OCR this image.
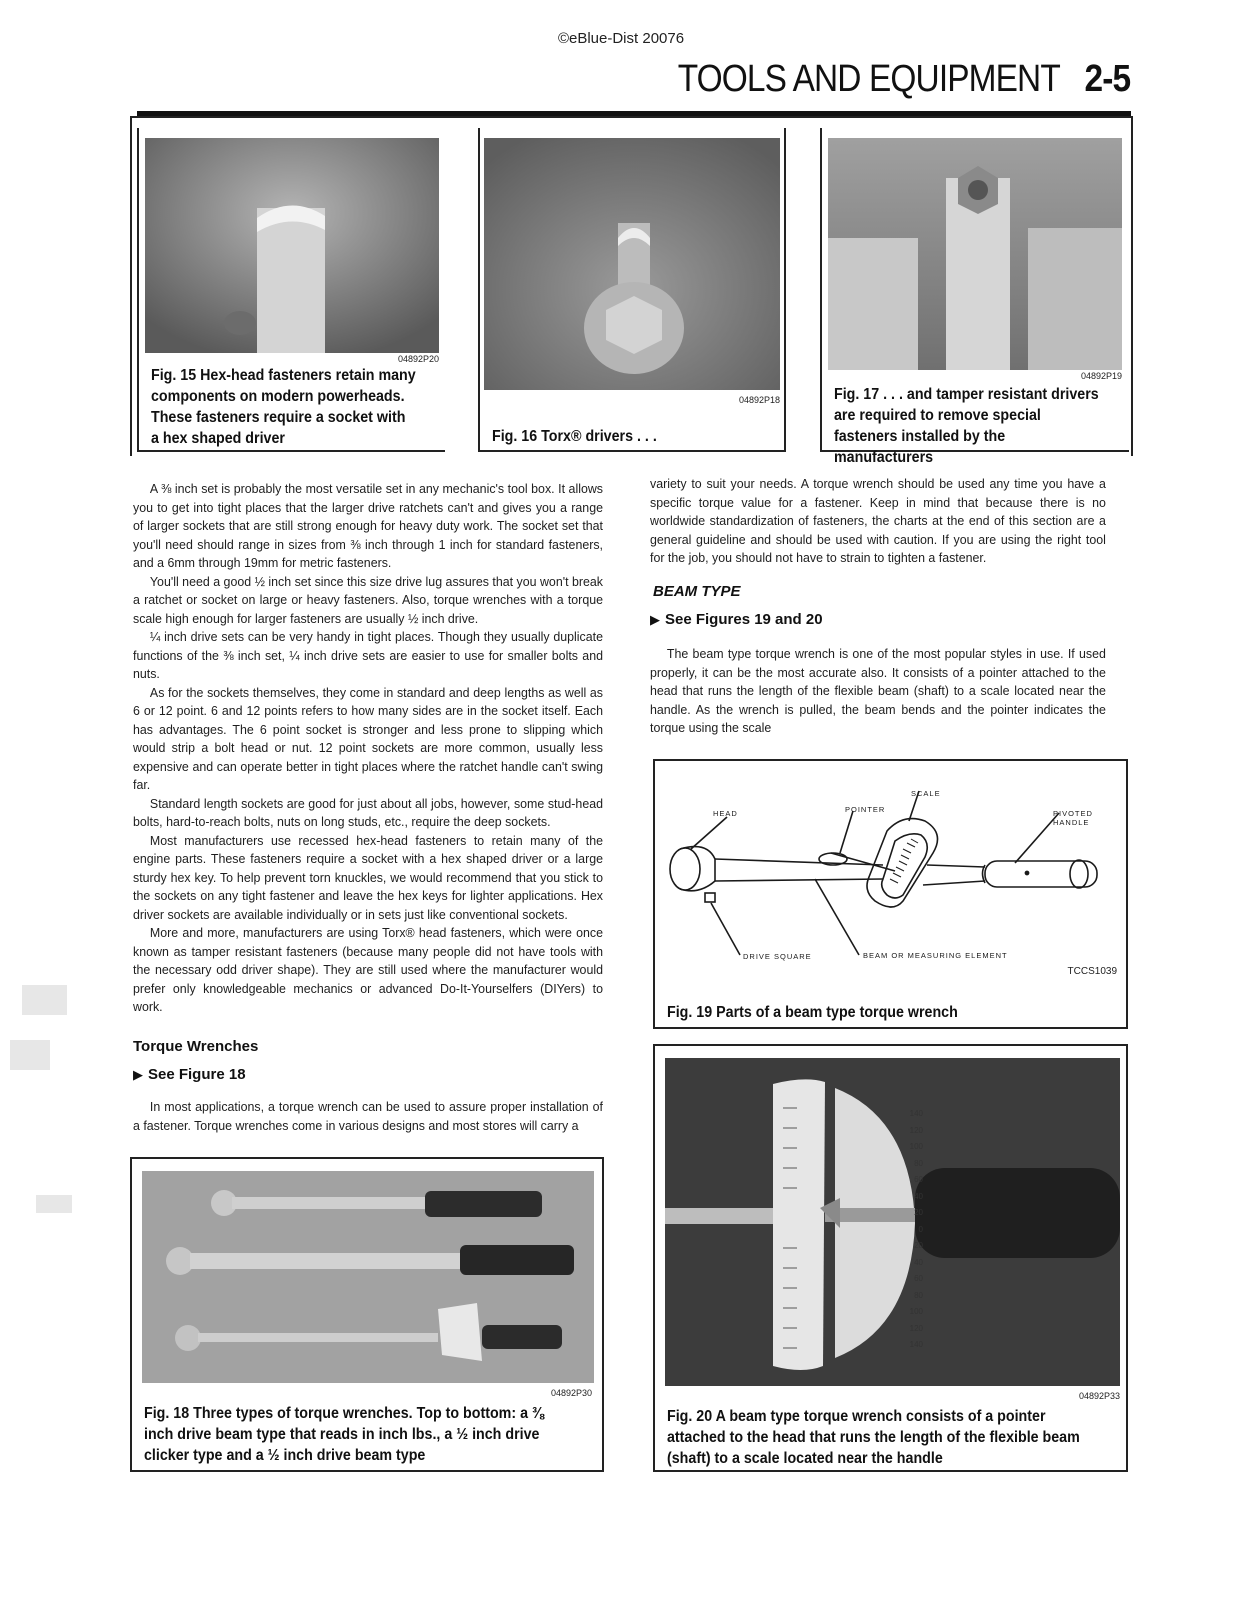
©eBlue-Dist 20076
TOOLS AND EQUIPMENT 2-5
04892P20
Fig. 15 Hex-head fasteners retain many components on modern powerheads. These fasteners require a socket with a hex shaped driver
04892P18
Fig. 16 Torx® drivers . . .
04892P19
Fig. 17 . . . and tamper resistant drivers are required to remove special fasteners installed by the manufacturers

A ⅜ inch set is probably the most versatile set in any mechanic's tool box. It allows you to get into tight places that the larger drive ratchets can't and gives you a range of larger sockets that are still strong enough for heavy duty work. The socket set that you'll need should range in sizes from ⅜ inch through 1 inch for standard fasteners, and a 6mm through 19mm for metric fasteners.

You'll need a good ½ inch set since this size drive lug assures that you won't break a ratchet or socket on large or heavy fasteners. Also, torque wrenches with a torque scale high enough for larger fasteners are usually ½ inch drive.

¼ inch drive sets can be very handy in tight places. Though they usually duplicate functions of the ⅜ inch set, ¼ inch drive sets are easier to use for smaller bolts and nuts.

As for the sockets themselves, they come in standard and deep lengths as well as 6 or 12 point. 6 and 12 points refers to how many sides are in the socket itself. Each has advantages. The 6 point socket is stronger and less prone to slipping which would strip a bolt head or nut. 12 point sockets are more common, usually less expensive and can operate better in tight places where the ratchet handle can't swing far.

Standard length sockets are good for just about all jobs, however, some stud-head bolts, hard-to-reach bolts, nuts on long studs, etc., require the deep sockets.

Most manufacturers use recessed hex-head fasteners to retain many of the engine parts. These fasteners require a socket with a hex shaped driver or a large sturdy hex key. To help prevent torn knuckles, we would recommend that you stick to the sockets on any tight fastener and leave the hex keys for lighter applications. Hex driver sockets are available individually or in sets just like conventional sockets.

More and more, manufacturers are using Torx® head fasteners, which were once known as tamper resistant fasteners (because many people did not have tools with the necessary odd driver shape). They are still used where the manufacturer would prefer only knowledgeable mechanics or advanced Do-It-Yourselfers (DIYers) to work.

Torque Wrenches
▶ See Figure 18

In most applications, a torque wrench can be used to assure proper installation of a fastener. Torque wrenches come in various designs and most stores will carry a

04892P30
Fig. 18 Three types of torque wrenches. Top to bottom: a ⅜ inch drive beam type that reads in inch lbs., a ½ inch drive clicker type and a ½ inch drive beam type

variety to suit your needs. A torque wrench should be used any time you have a specific torque value for a fastener. Keep in mind that because there is no worldwide standardization of fasteners, the charts at the end of this section are a general guideline and should be used with caution. If you are using the right tool for the job, you should not have to strain to tighten a fastener.

BEAM TYPE
▶ See Figures 19 and 20

The beam type torque wrench is one of the most popular styles in use. If used properly, it can be the most accurate also. It consists of a pointer attached to the head that runs the length of the flexible beam (shaft) to a scale located near the handle. As the wrench is pulled, the beam bends and the pointer indicates the torque using the scale

HEAD	POINTER
SCALE
PIVOTED HANDLE
DRIVE SQUARE	BEAM OR MEASURING ELEMENT
TCCS1039
Fig. 19 Parts of a beam type torque wrench
140
120
100
80
60
40
20
0
20
40
60
80
100
120
140
04892P33
Fig. 20 A beam type torque wrench consists of a pointer attached to the head that runs the length of the flexible beam (shaft) to a scale located near the handle
